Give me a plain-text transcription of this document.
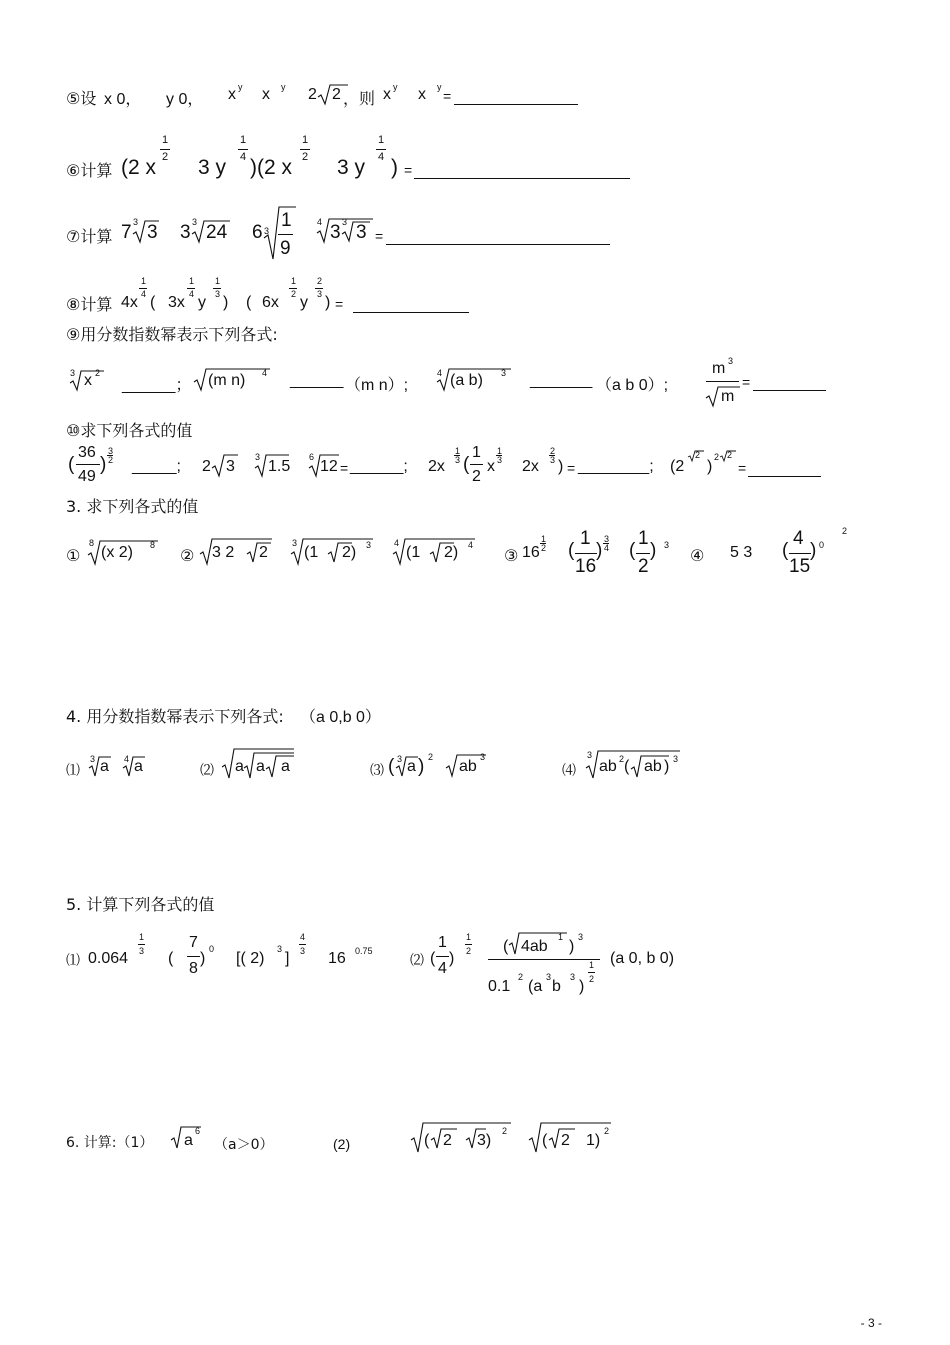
⑤设 x 0， y 0， x y x y 2 2 ，则 x y x y
=
⑥计算 (2 x
1
2 3 y
1
4 )(2 x
1
2 3 y
1
4 ) =
⑦计算 7 3 3 3 3 24 6 3 1
9
4 3 3 3 =
⑧计算 4x
1
4 ( 3x
1
4 y
1
3 ) ( 6x
1
2 y
2
3 ) =
⑨用分数指数幂表示下列各式:
3 x 2
______； (m n) 4 ______ （m n）;
4 (a b) 3 _______ （a b 0）;
m 3
m
=
⑩求下列各式的值
(
36
49
)
3
2 _____; 2 3
3
1.5
6
12 = ______; 2x
1
3 (
1
2
x
1
3 2x
2
3 ) = ________; (2
2
)
2 2
=
3. 求下列各式的值
①
8
(x 2) 8
② 3 2 2
3
(1 2) 3	4
(1 2) 4
③ 16
1
2 (
1
16
)
3
4 (
1
2
) 3
④ 5 3 (
4
15
) 0
2
4. 用分数指数幂表示下列各式: （a 0,b 0）
⑴
3 a 4 a	⑵ a a a	⑶ ( 3 a ) 2
ab
3
⑷
3
ab 2 ( ab ) 3
5. 计算下列各式的值
⑴ 0.064
1
3 (
7
8
)
0
[( 2)
3
]
4
3 16 0.75
⑵ (
1
4
)
1
2 ( 4ab
1
)
3
0.1
2
(a
3
b
3
)
1
2
(a 0, b 0)
6. 计算:（1） a
6
（a＞0）	(2)	( 2 3)
2
( 2 1)
2
- 3 -
